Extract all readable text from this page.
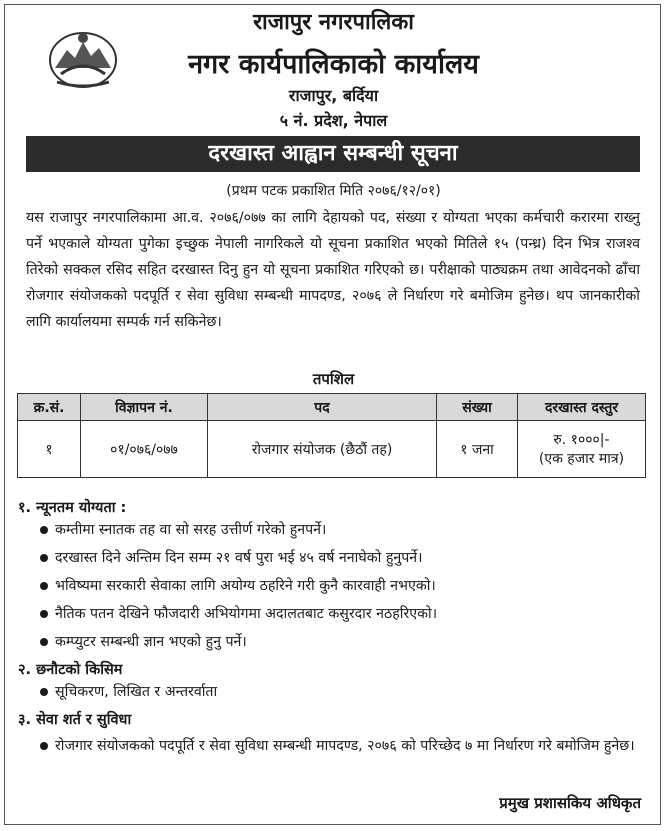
राजापुर नगरपालिका
नगर कार्यपालिकाको कार्यालय
राजापुर, बर्दिया
५ नं. प्रदेश, नेपाल
दरखास्त आह्वान सम्बन्धी सूचना
(प्रथम पटक प्रकाशित मिति २०७६/१२/०१)
यस राजापुर नगरपालिकामा आ.व. २०७६/०७७ का लागि देहायको पद, संख्या र योग्यता भएका कर्मचारी करारमा राख्नु पर्ने भएकाले योग्यता पुगेका इच्छुक नेपाली नागरिकले यो सूचना प्रकाशित भएको मितिले १५ (पन्ध्र) दिन भित्र राजश्व तिरेको सक्कल रसिद सहित दरखास्त दिनु हुन यो सूचना प्रकाशित गरिएको छ। परीक्षाको पाठ्यक्रम तथा आवेदनको ढाँचा रोजगार संयोजकको पदपूर्ति र सेवा सुविधा सम्बन्धी मापदण्ड, २०७६ ले निर्धारण गरे बमोजिम हुनेछ। थप जानकारीको लागि कार्यालयमा सम्पर्क गर्न सकिनेछ।
तपशिल
क्र.सं.	विज्ञापन नं.	पद	संख्या	दरखास्त दस्तुर
१	०१/०७६/०७७	रोजगार संयोजक (छैठौं तह)	१ जना	रु. १०००|-
(एक हजार मात्र)
१. न्यूनतम योग्यता :
कम्तीमा स्नातक तह वा सो सरह उत्तीर्ण गरेको हुनपर्ने।
दरखास्त दिने अन्तिम दिन सम्म २१ वर्ष पुरा भई ४५ वर्ष ननाघेको हुनुपर्ने।
भविष्यमा सरकारी सेवाका लागि अयोग्य ठहरिने गरी कुनै कारवाही नभएको।
नैतिक पतन देखिने फौजदारी अभियोगमा अदालतबाट कसुरदार नठहरिएको।
कम्प्युटर सम्बन्धी ज्ञान भएको हुनु पर्ने।
२. छनौटको किसिम
सूचिकरण, लिखित र अन्तरर्वाता
३. सेवा शर्त र सुविधा
रोजगार संयोजकको पदपूर्ति र सेवा सुविधा सम्बन्धी मापदण्ड, २०७६ को परिच्छेद ७ मा निर्धारण गरे बमोजिम हुनेछ।
प्रमुख प्रशासकिय अधिकृत
